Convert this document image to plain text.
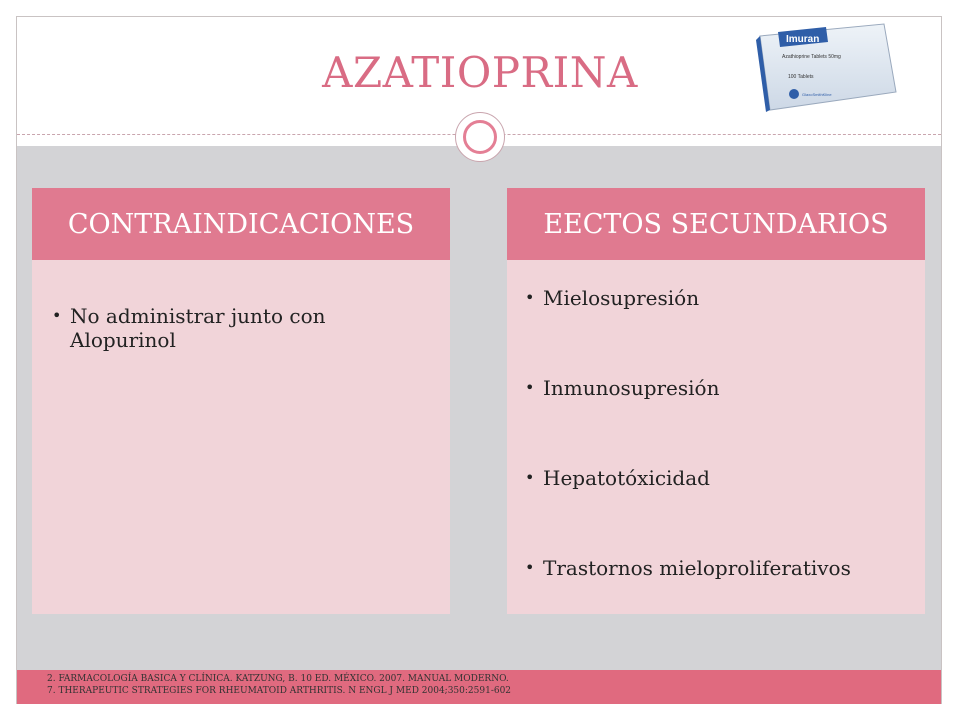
AZATIOPRINA
Imuran
Azathioprine Tablets 50mg
100 Tablets
GlaxoSmithKline
CONTRAINDICACIONES
• No administrar junto con Alopurinol
EECTOS SECUNDARIOS
• Mielosupresión
• Inmunosupresión
• Hepatotóxicidad
• Trastornos mieloproliferativos
2. FARMACOLOGÍA BASICA Y CLÍNICA. KATZUNG, B. 10 ED. MÉXICO. 2007. MANUAL MODERNO.
7. THERAPEUTIC STRATEGIES FOR RHEUMATOID ARTHRITIS. N ENGL J MED 2004;350:2591-602
